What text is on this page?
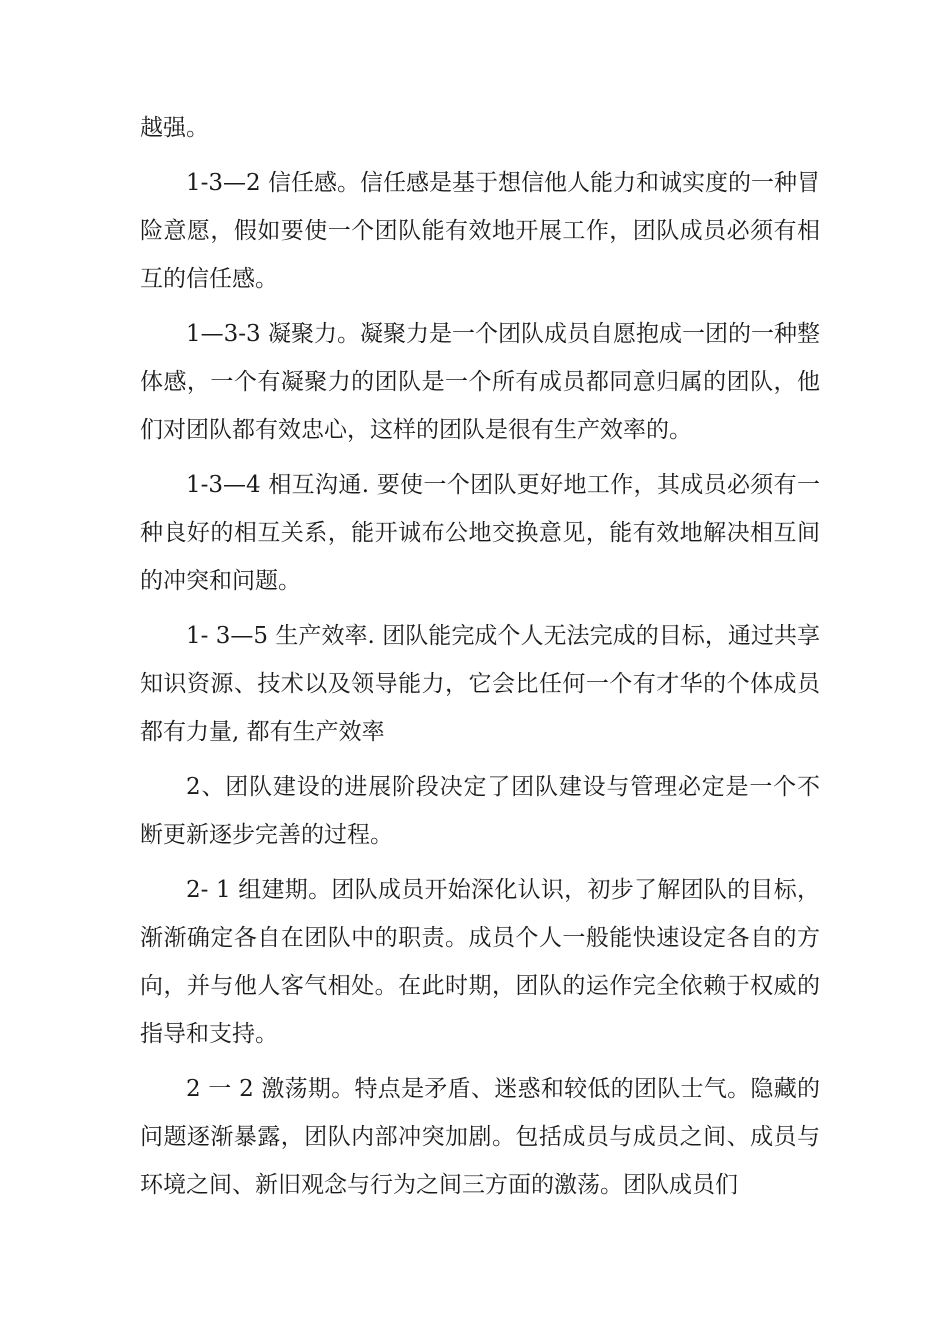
越强。

1-3—2 信任感。信任感是基于想信他人能力和诚实度的一种冒险意愿，假如要使一个团队能有效地开展工作，团队成员必须有相互的信任感。

1—3-3 凝聚力。凝聚力是一个团队成员自愿抱成一团的一种整体感，一个有凝聚力的团队是一个所有成员都同意归属的团队，他们对团队都有效忠心，这样的团队是很有生产效率的。

1-3—4 相互沟通. 要使一个团队更好地工作，其成员必须有一种良好的相互关系，能开诚布公地交换意见，能有效地解决相互间的冲突和问题。

1- 3—5 生产效率. 团队能完成个人无法完成的目标，通过共享知识资源、技术以及领导能力，它会比任何一个有才华的个体成员都有力量, 都有生产效率

2、团队建设的进展阶段决定了团队建设与管理必定是一个不断更新逐步完善的过程。

2- 1 组建期。团队成员开始深化认识，初步了解团队的目标，渐渐确定各自在团队中的职责。成员个人一般能快速设定各自的方向，并与他人客气相处。在此时期，团队的运作完全依赖于权威的指导和支持。

2 一 2 激荡期。特点是矛盾、迷惑和较低的团队士气。隐藏的问题逐渐暴露，团队内部冲突加剧。包括成员与成员之间、成员与环境之间、新旧观念与行为之间三方面的激荡。团队成员们
